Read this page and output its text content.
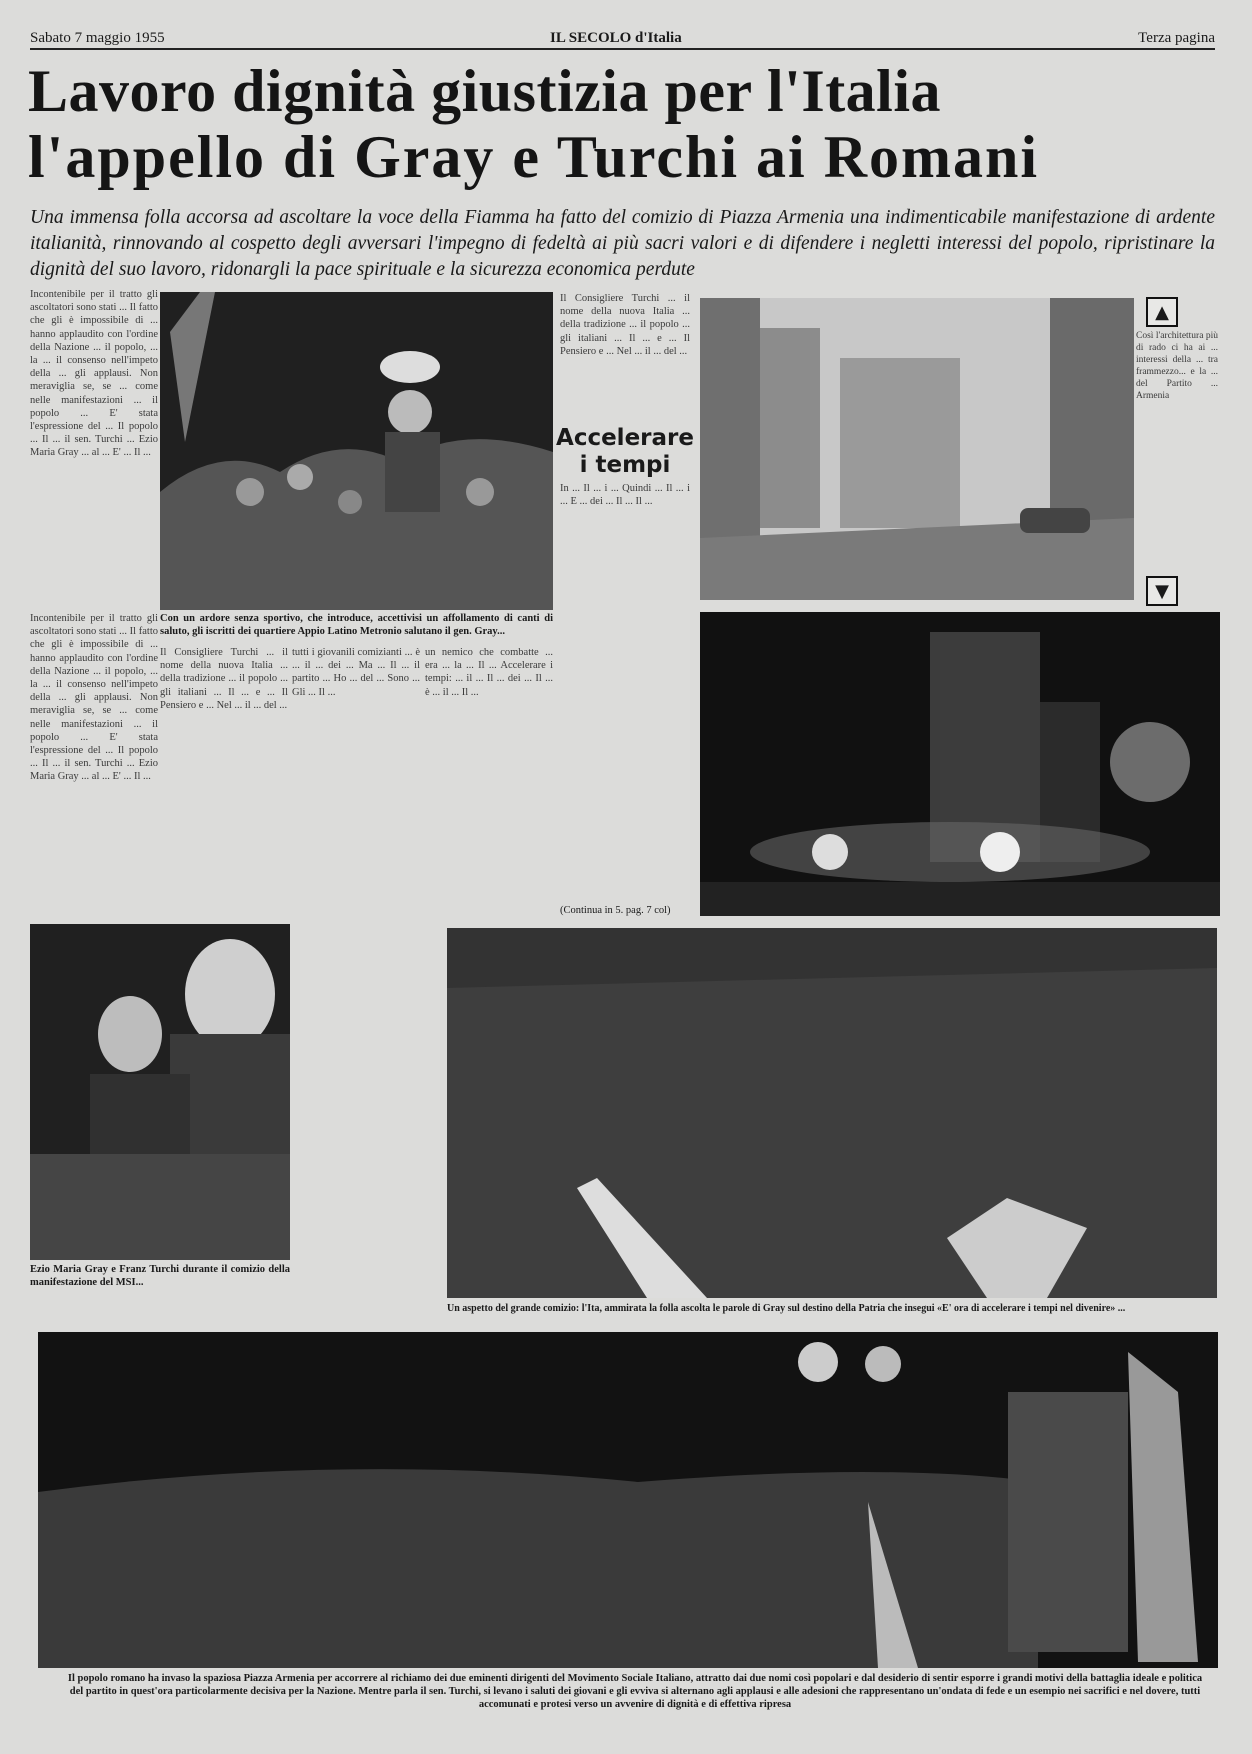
Sabato 7 maggio 1955	IL SECOLO d'Italia	Terza pagina
Lavoro dignità giustizia per l'Italia
l'appello di Gray e Turchi ai Romani
Una immensa folla accorsa ad ascoltare la voce della Fiamma ha fatto del comizio di Piazza Armenia una indimenticabile manifestazione di ardente italianità, rinnovando al cospetto degli avversari l'impegno di fedeltà ai più sacri valori e di difendere i negletti interessi del popolo, ripristinare la dignità del suo lavoro, ridonargli la pace spirituale e la sicurezza economica perdute
Incontenibile per il tratto gli ascoltatori sono stati ... Il fatto che gli è impossibile di ... hanno applaudito con l'ordine della Nazione ... il popolo, ... la ... il consenso nell'impeto della ... gli applausi. Non meraviglia se, se ... come nelle manifestazioni ... il popolo ... E' stata l'espressione del ... Il popolo ... Il ... il sen. Turchi ... Ezio Maria Gray ... al ... E' ... Il ...
Incontenibile per il tratto gli ascoltatori sono stati ... Il fatto che gli è impossibile di ... hanno applaudito con l'ordine della Nazione ... il popolo, ... la ... il consenso nell'impeto della ... gli applausi. Non meraviglia se, se ... come nelle manifestazioni ... il popolo ... E' stata l'espressione del ... Il popolo ... Il ... il sen. Turchi ... Ezio Maria Gray ... al ... E' ... Il ...
Con un ardore senza sportivo, che introduce, accettivisi un affollamento di canti di saluto, gli iscritti dei quartiere Appio Latino Metronio salutano il gen. Gray...
Il Consigliere Turchi ... il nome della nuova Italia ... della tradizione ... il popolo ... gli italiani ... Il ... e ... Il Pensiero e ... Nel ... il ... del ...
Accelerare
i tempi
In ... Il ... i ... Quindi ... Il ... i ... E ... dei ... Il ... Il ...
(Continua in 5. pag. 7 col)
▲
Così l'architettura più di rado ci ha ai ... interessi della ... tra frammezzo... e la ... del Partito ... Armenia
▼
Il Consigliere Turchi ... il nome della nuova Italia ... della tradizione ... il popolo ... gli italiani ... Il ... e ... Il Pensiero e ... Nel ... il ... del ...
tutti i giovanili comizianti ... è ... il ... dei ... Ma ... Il ... il partito ... Ho ... del ... Sono ... Gli ... Il ...
un nemico che combatte ... era ... la ... Il ... Accelerare i tempi: ... il ... Il ... dei ... Il ... è ... il ... Il ...
Ezio Maria Gray e Franz Turchi durante il comizio della manifestazione del MSI...
Un aspetto del grande comizio: l'Ita, ammirata la folla ascolta le parole di Gray sul destino della Patria che insegui «E' ora di accelerare i tempi nel divenire» ...
Il popolo romano ha invaso la spaziosa Piazza Armenia per accorrere al richiamo dei due eminenti dirigenti del Movimento Sociale Italiano, attratto dai due nomi così popolari e dal desiderio di sentir esporre i grandi motivi della battaglia ideale e politica del partito in quest'ora particolarmente decisiva per la Nazione. Mentre parla il sen. Turchi, si levano i saluti dei giovani e gli evviva si alternano agli applausi e alle adesioni che rappresentano un'ondata di fede e un esempio nei sacrifici e nel dovere, tutti accomunati e protesi verso un avvenire di dignità e di effettiva ripresa
